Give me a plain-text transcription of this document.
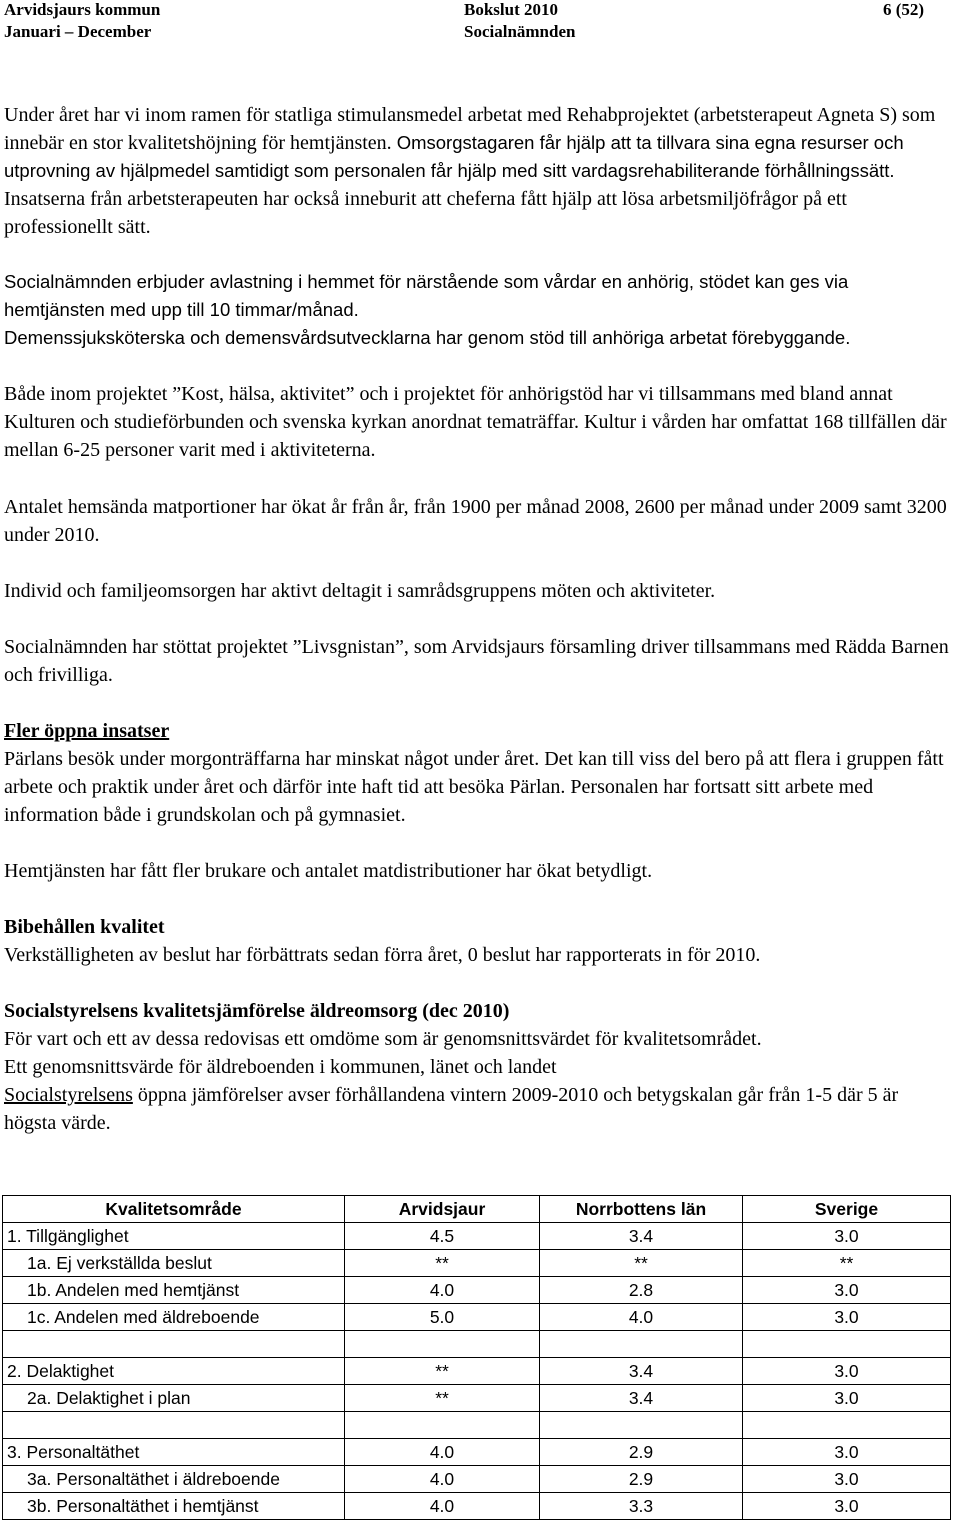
Arvidsjaurs kommun
Januari – December
Bokslut 2010
Socialnämnden
6 (52)
Under året har vi inom ramen för statliga stimulansmedel arbetat med Rehabprojektet (arbetsterapeut Agneta S) som innebär en stor kvalitetshöjning för hemtjänsten. Omsorgstagaren får hjälp att ta tillvara sina egna resurser och utprovning av hjälpmedel samtidigt som personalen får hjälp med sitt vardagsrehabiliterande förhållningssätt. Insatserna från arbetsterapeuten har också inneburit att cheferna fått hjälp att lösa arbetsmiljöfrågor på ett professionellt sätt.

Socialnämnden erbjuder avlastning i hemmet för närstående som vårdar en anhörig, stödet kan ges via hemtjänsten med upp till 10 timmar/månad.

Demenssjuksköterska och demensvårdsutvecklarna har genom stöd till anhöriga arbetat förebyggande.

Både inom projektet ”Kost, hälsa, aktivitet” och i projektet för anhörigstöd har vi tillsammans med bland annat Kulturen och studieförbunden och svenska kyrkan anordnat tematräffar. Kultur i vården har omfattat 168 tillfällen där mellan 6-25 personer varit med i aktiviteterna.
Antalet hemsända matportioner har ökat år från år, från 1900 per månad 2008, 2600 per månad under 2009 samt 3200 under 2010.
Individ och familjeomsorgen har aktivt deltagit i samrådsgruppens möten och aktiviteter.
Socialnämnden har stöttat projektet ”Livsgnistan”, som Arvidsjaurs församling driver tillsammans med Rädda Barnen och frivilliga.

Fler öppna insatser

Pärlans besök under morgonträffarna har minskat något under året. Det kan till viss del bero på att flera i gruppen fått arbete och praktik under året och därför inte haft tid att besöka Pärlan. Personalen har fortsatt sitt arbete med information både i grundskolan och på gymnasiet.

Hemtjänsten har fått fler brukare och antalet matdistributioner har ökat betydligt.

Bibehållen kvalitet

Verkställigheten av beslut har förbättrats sedan förra året, 0 beslut har rapporterats in för 2010.

Socialstyrelsens kvalitetsjämförelse äldreomsorg (dec 2010)

För vart och ett av dessa redovisas ett omdöme som är genomsnittsvärdet för kvalitetsområdet.

Ett genomsnittsvärde för äldreboenden i kommunen, länet och landet

Socialstyrelsens öppna jämförelser avser förhållandena vintern 2009-2010 och betygskalan går från 1-5 där 5 är högsta värde.

Kvalitetsområde	Arvidsjaur	Norrbottens län	Sverige
1. Tillgänglighet	4.5	3.4	3.0
1a. Ej verkställda beslut	**	**	**
1b. Andelen med hemtjänst	4.0	2.8	3.0
1c. Andelen med äldreboende	5.0	4.0	3.0

2. Delaktighet	**	3.4	3.0
2a. Delaktighet i plan	**	3.4	3.0

3. Personaltäthet	4.0	2.9	3.0
3a. Personaltäthet i äldreboende	4.0	2.9	3.0
3b. Personaltäthet i hemtjänst	4.0	3.3	3.0
